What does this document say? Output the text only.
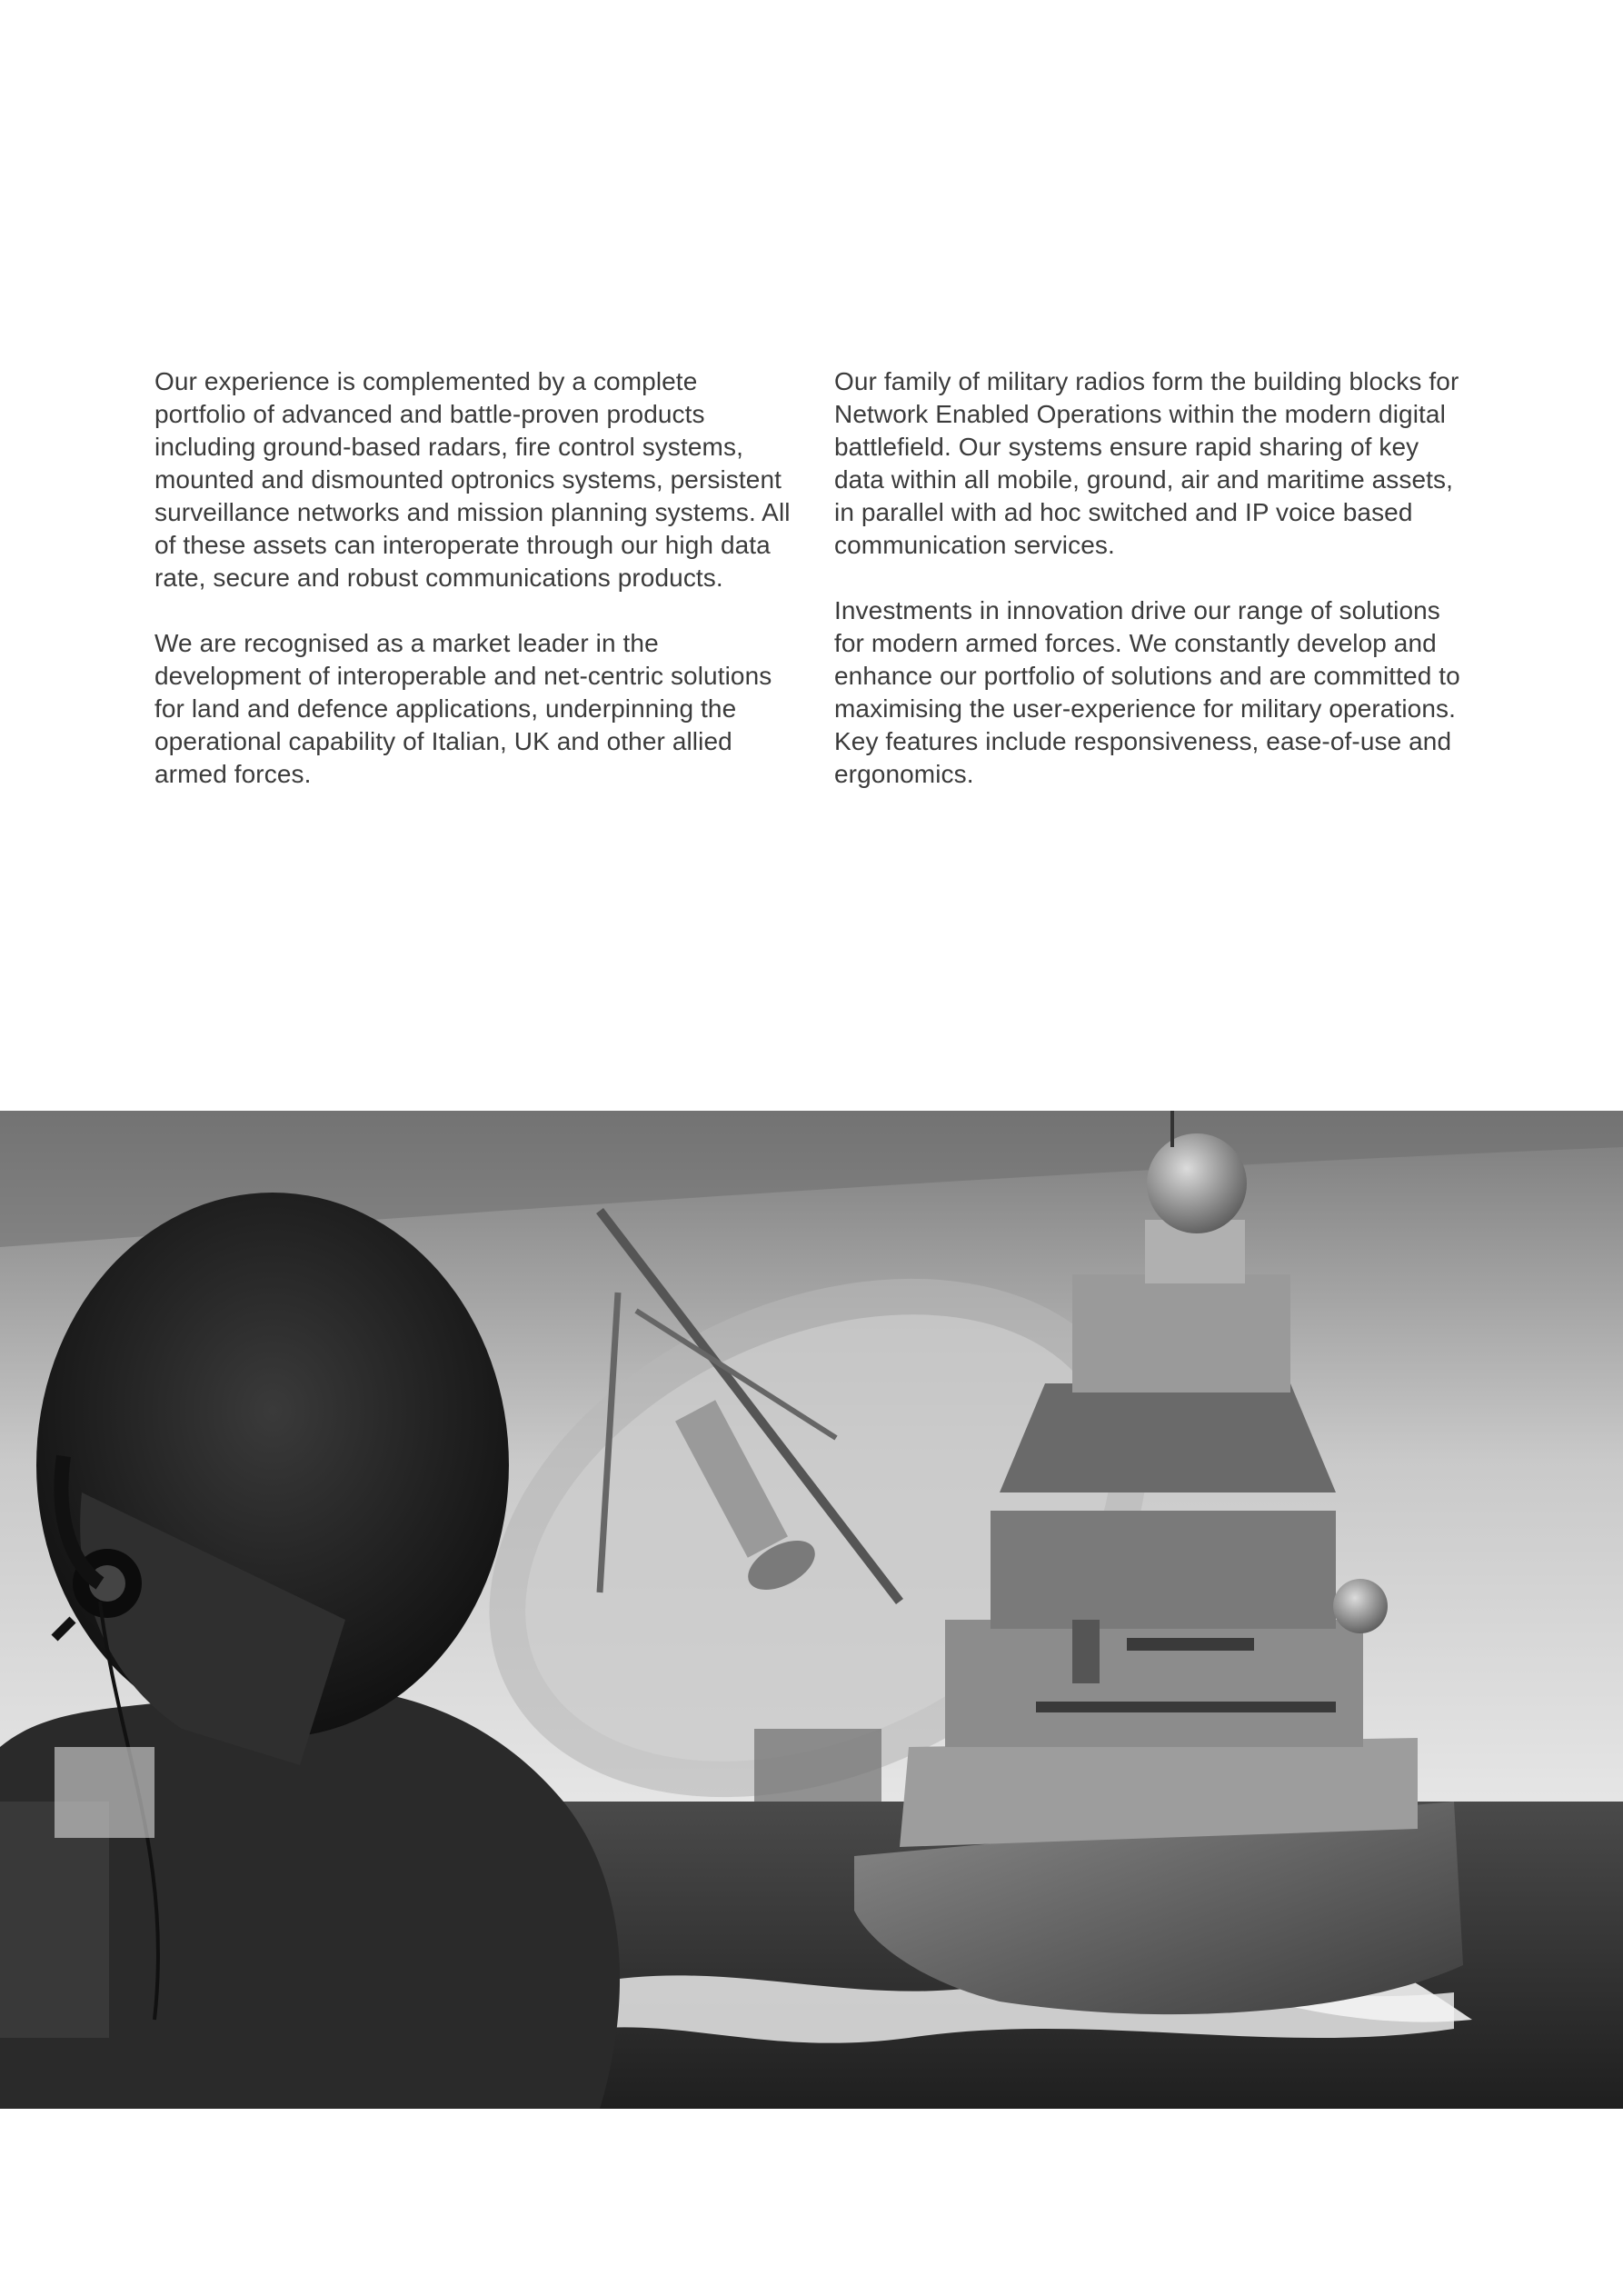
Our experience is complemented by a complete portfolio of advanced and battle-proven products including ground-based radars, fire control systems, mounted and dismounted optronics systems, persistent surveillance networks and mission planning systems. All of these assets can interoperate through our high data rate, secure and robust communications products.

We are recognised as a market leader in the development of interoperable and net-centric solutions for land and defence applications, underpinning the operational capability of Italian, UK and other allied armed forces.

Our family of military radios form the building blocks for Network Enabled Operations within the modern digital battlefield. Our systems ensure rapid sharing of key data within all mobile, ground, air and maritime assets, in parallel with ad hoc switched and IP voice based communication services.

Investments in innovation drive our range of solutions for modern armed forces. We constantly develop and enhance our portfolio of solutions and are committed to maximising the user-experience for military operations. Key features include responsiveness, ease-of-use and ergonomics.
